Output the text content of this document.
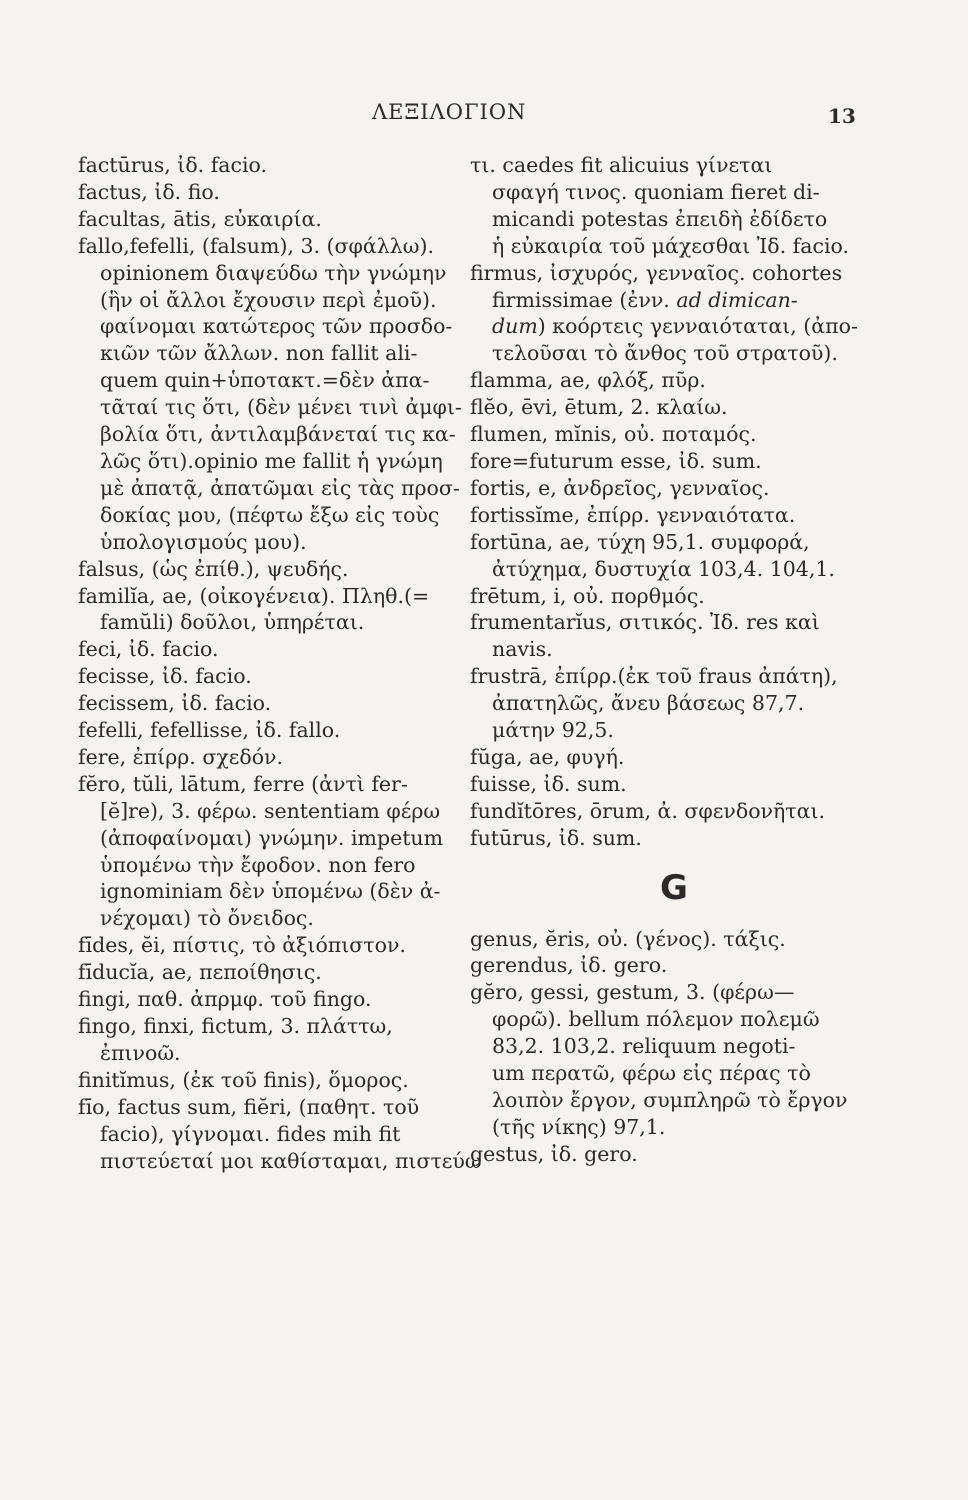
ΛΕΞΙΛΟΓΙΟΝ	13
factūrus, ἰδ. facio.
factus, ἰδ. fio.
facultas, ātis, εὐκαιρία.
fallo,fefelli, (falsum), 3. (σφάλλω).
opinionem διαψεύδω τὴν γνώμην
(ἣν οἱ ἄλλοι ἔχουσιν περὶ ἐμοῦ).
φαίνομαι κατώτερος τῶν προσδο-
κιῶν τῶν ἄλλων. non fallit ali-
quem quin+ὑποτακτ.=δὲν ἀπα-
τᾶταί τις ὅτι, (δὲν μένει τινὶ ἀμφι-
βολία ὅτι, ἀντιλαμβάνεταί τις κα-
λῶς ὅτι).opinio me fallit ἡ γνώμη
μὲ ἀπατᾷ, ἀπατῶμαι εἰς τὰς προσ-
δοκίας μου, (πέφτω ἔξω εἰς τοὺς
ὑπολογισμούς μου).
falsus, (ὡς ἐπίθ.), ψευδής.
familĭa, ae, (οἰκογένεια). Πληθ.(=
famŭli) δοῦλοι, ὑπηρέται.
feci, ἰδ. facio.
fecisse, ἰδ. facio.
fecissem, ἰδ. facio.
fefelli, fefellisse, ἰδ. fallo.
fere, ἐπίρρ. σχεδόν.
fĕro, tŭli, lātum, ferre (ἀντὶ fer-
[ĕ]re), 3. φέρω. sententiam φέρω
(ἀποφαίνομαι) γνώμην. impetum
ὑπομένω τὴν ἔφοδον. non fero
ignominiam δὲν ὑπομένω (δὲν ἀ-
νέχομαι) τὸ ὄνειδος.
fīdes, ĕi, πίστις, τὸ ἀξιόπιστον.
fīducĭa, ae, πεποίθησις.
fingi, παθ. ἀπρμφ. τοῦ fingo.
fingo, finxi, fictum, 3. πλάττω,
ἐπινοῶ.
finitĭmus, (ἐκ τοῦ finis), ὅμορος.
fīo, factus sum, fiĕri, (παθητ. τοῦ
facio), γίγνομαι. fides mih fit
πιστεύεταί μοι καθίσταμαι, πιστεύω
τι. caedes fit alicuius γίνεται
σφαγή τινος. quoniam fieret di-
micandi potestas ἐπειδὴ ἐδίδετο
ἡ εὐκαιρία τοῦ μάχεσθαι Ἰδ. facio.
firmus, ἰσχυρός, γενναῖος. cohortes
firmissimae (ἐνν. ad dimican-
dum) κοόρτεις γενναιόταται, (ἀπο-
τελοῦσαι τὸ ἄνθος τοῦ στρατοῦ).
flamma, ae, φλόξ, πῦρ.
flĕo, ēvi, ētum, 2. κλαίω.
flumen, mĭnis, οὐ. ποταμός.
fore=futurum esse, ἰδ. sum.
fortis, e, ἀνδρεῖος, γενναῖος.
fortissĭme, ἐπίρρ. γενναιότατα.
fortūna, ae, τύχη 95,1. συμφορά,
ἀτύχημα, δυστυχία 103,4. 104,1.
frētum, i, οὐ. πορθμός.
frumentarĭus, σιτικός. Ἰδ. res καὶ
navis.
frustrā, ἐπίρρ.(ἐκ τοῦ fraus ἀπάτη),
ἀπατηλῶς, ἄνευ βάσεως 87,7.
μάτην 92,5.
fŭga, ae, φυγή.
fuisse, ἰδ. sum.
fundĭtōres, ōrum, ἀ. σφενδονῆται.
futūrus, ἰδ. sum.
G
genus, ĕris, οὐ. (γένος). τάξις.
gerendus, ἰδ. gero.
gĕro, gessi, gestum, 3. (φέρω—
φορῶ). bellum πόλεμον πολεμῶ
83,2. 103,2. reliquum negoti-
um περατῶ, φέρω εἰς πέρας τὸ
λοιπὸν ἔργον, συμπληρῶ τὸ ἔργον
(τῆς νίκης) 97,1.
gestus, ἰδ. gero.
